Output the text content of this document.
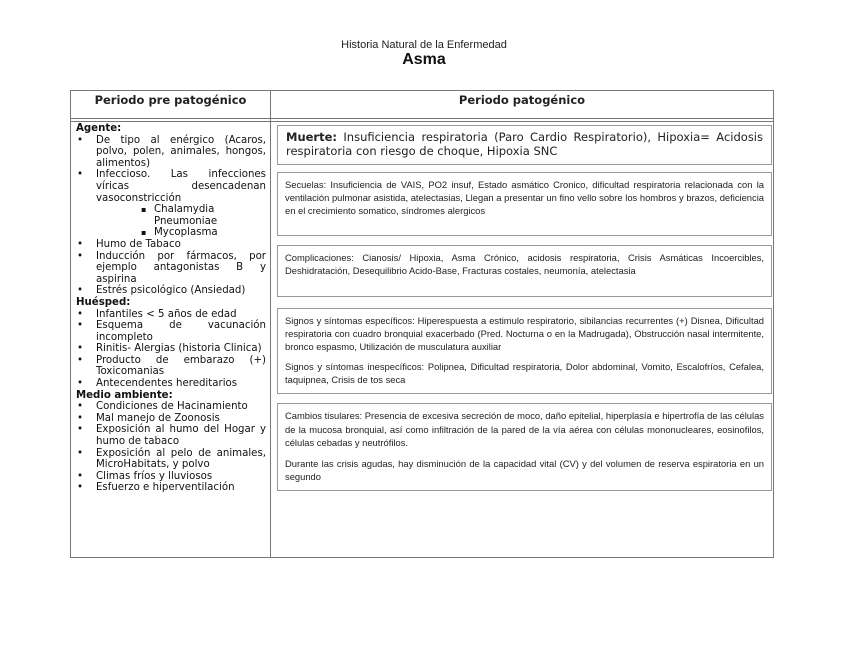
Historia Natural de la Enfermedad
Asma
Periodo pre patogénico	Periodo patogénico
Agente:
• De tipo al enérgico (Acaros, polvo, polen, animales, hongos, alimentos)
• Infeccioso. Las infecciones víricas desencadenan vasoconstricción
▪ Chalamydia Pneumoniae
▪ Mycoplasma
• Humo de Tabaco
• Inducción por fármacos, por ejemplo antagonistas B y aspirina
• Estrés psicológico (Ansiedad)
Huésped:
• Infantiles < 5 años de edad
• Esquema de vacunación incompleto
• Rinitis- Alergias (historia Clinica)
• Producto de embarazo (+) Toxicomanias
• Antecendentes hereditarios
Medio ambiente:
• Condiciones de Hacinamiento
• Mal manejo de Zoonosis
• Exposición al humo del Hogar y humo de tabaco
• Exposición al pelo de animales, MicroHabitats, y polvo
• Climas fríos y lluviosos
• Esfuerzo e hiperventilación

Muerte: Insuficiencia respiratoria (Paro Cardio Respiratorio), Hipoxia= Acidosis respiratoria con riesgo de choque, Hipoxia SNC

Secuelas: Insuficiencia de VAIS, PO2 insuf, Estado asmático Cronico, dificultad respiratoria relacionada con la ventilación pulmonar asistida, atelectasias, Llegan a presentar un fino vello sobre los hombros y brazos, deficiencia en el crecimiento somatico, síndromes alergicos

Complicaciones: Cianosis/ Hipoxia, Asma Crónico, acidosis respiratoria, Crisis Asmáticas Incoercibles, Deshidratación, Desequilibrio Acido-Base, Fracturas costales, neumonía, atelectasia

Signos y síntomas específicos: Hiperespuesta a estimulo respiratorio, sibilancias recurrentes (+) Disnea, Dificultad respiratoria con cuadro bronquial exacerbado (Pred. Nocturna o en la Madrugada), Obstrucción nasal intermitente, bronco espasmo, Utilización de musculatura auxiliar

Signos y síntomas inespecíficos: Polipnea, Dificultad respiratoria, Dolor abdominal, Vomito, Escalofríos, Cefalea, taquipnea, Crisis de tos seca

Cambios tisulares: Presencia de excesiva secreción de moco, daño epitelial, hiperplasía e hipertrofía de las células de la mucosa bronquial, así como infiltración de la pared de la vía aérea con células mononucleares, eosinofilos, células cebadas y neutrófilos.

Durante las crisis agudas, hay disminución de la capacidad vital (CV) y del volumen de reserva espiratoria en un segundo
